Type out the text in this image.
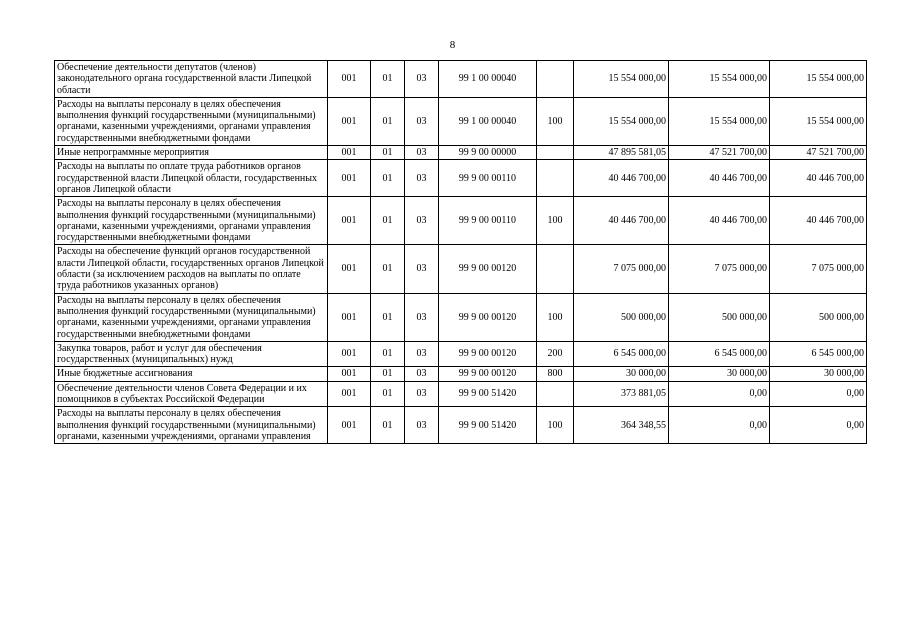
8
Обеспечение деятельности депутатов (членов) законодательного органа государственной власти Липецкой области	001	01	03	99 1 00 00040		15 554 000,00	15 554 000,00	15 554 000,00
Расходы на выплаты персоналу в целях обеспечения выполнения функций государственными (муниципальными) органами, казенными учреждениями, органами управления государственными внебюджетными фондами	001	01	03	99 1 00 00040	100	15 554 000,00	15 554 000,00	15 554 000,00
Иные непрограммные мероприятия	001	01	03	99 9 00 00000		47 895 581,05	47 521 700,00	47 521 700,00
Расходы на выплаты по оплате труда работников органов государственной власти Липецкой области, государственных органов Липецкой области	001	01	03	99 9 00 00110		40 446 700,00	40 446 700,00	40 446 700,00
Расходы на выплаты персоналу в целях обеспечения выполнения функций государственными (муниципальными) органами, казенными учреждениями, органами управления государственными внебюджетными фондами	001	01	03	99 9 00 00110	100	40 446 700,00	40 446 700,00	40 446 700,00
Расходы на обеспечение функций органов государственной власти Липецкой области, государственных органов Липецкой области (за исключением расходов на выплаты по оплате труда работников указанных органов)	001	01	03	99 9 00 00120		7 075 000,00	7 075 000,00	7 075 000,00
Расходы на выплаты персоналу в целях обеспечения выполнения функций государственными (муниципальными) органами, казенными учреждениями, органами управления государственными внебюджетными фондами	001	01	03	99 9 00 00120	100	500 000,00	500 000,00	500 000,00
Закупка товаров, работ и услуг для обеспечения государственных (муниципальных) нужд	001	01	03	99 9 00 00120	200	6 545 000,00	6 545 000,00	6 545 000,00
Иные бюджетные ассигнования	001	01	03	99 9 00 00120	800	30 000,00	30 000,00	30 000,00
Обеспечение деятельности членов Совета Федерации и их помощников в субъектах Российской Федерации	001	01	03	99 9 00 51420		373 881,05	0,00	0,00
Расходы на выплаты персоналу в целях обеспечения выполнения функций государственными (муниципальными) органами, казенными учреждениями, органами управления	001	01	03	99 9 00 51420	100	364 348,55	0,00	0,00
